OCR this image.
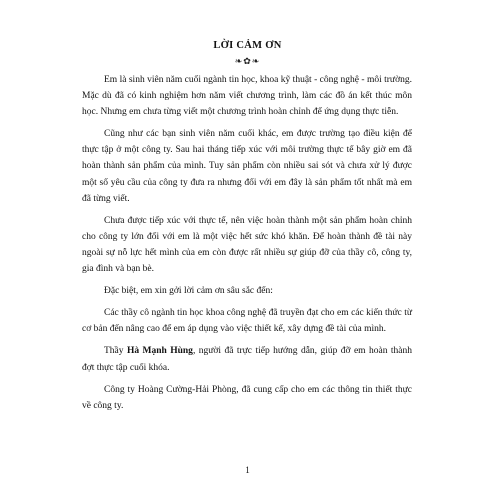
LỜI CẢM ƠN
❧✿❧

Em là sinh viên năm cuối ngành tin học, khoa kỹ thuật - công nghệ - môi trường. Mặc dù đã có kinh nghiệm hơn năm viết chương trình, làm các đồ án kết thúc môn học. Nhưng em chưa từng viết một chương trình hoàn chỉnh để ứng dụng thực tiễn.

Cũng như các bạn sinh viên năm cuối khác, em được trường tạo điều kiện để thực tập ở một công ty. Sau hai tháng tiếp xúc với môi trường thực tế bây giờ em đã hoàn thành sản phẩm của mình. Tuy sản phẩm còn nhiều sai sót và chưa xử lý được một số yêu cầu của công ty đưa ra nhưng đối với em đây là sản phẩm tốt nhất mà em đã từng viết.

Chưa được tiếp xúc với thực tế, nên việc hoàn thành một sản phẩm hoàn chỉnh cho công ty lớn đối với em là một việc hết sức khó khăn. Để hoàn thành đề tài này ngoài sự nỗ lực hết mình của em còn được rất nhiều sự giúp đỡ của thầy cô, công ty, gia đình và bạn bè.

Đặc biệt, em xin gởi lời cảm ơn sâu sắc đến:

Các thầy cô ngành tin học khoa công nghệ đã truyền đạt cho em các kiến thức từ cơ bản đến nâng cao để em áp dụng vào việc thiết kế, xây dựng đề tài của mình.

Thầy Hà Mạnh Hùng, người đã trực tiếp hướng dẫn, giúp đỡ em hoàn thành đợt thực tập cuối khóa.

Công ty Hoàng Cường-Hải Phòng, đã cung cấp cho em các thông tin thiết thực về công ty.

1
